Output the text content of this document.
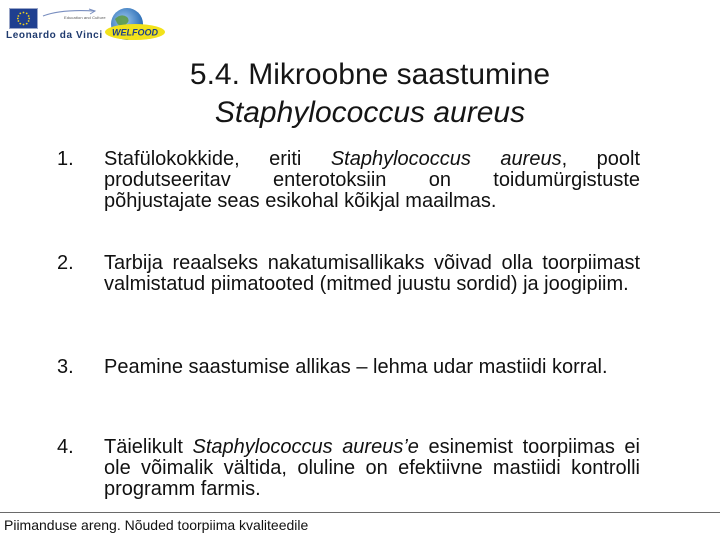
Education and Culture
Leonardo da Vinci WELFOOD
5.4. Mikroobne saastumine
Staphylococcus aureus
1. Stafülokokkide, eriti Staphylococcus aureus, poolt produtseeritav enterotoksiin on toidumürgistuste põhjustajate seas esikohal kõikjal maailmas.
2. Tarbija reaalseks nakatumisallikaks võivad olla toorpiimast valmistatud piimatooted (mitmed juustu sordid) ja joogipiim.
3. Peamine saastumise allikas – lehma udar mastiidi korral.
4. Täielikult Staphylococcus aureus’e esinemist toorpiimas ei ole võimalik vältida, oluline on efektiivne mastiidi kontrolli programm farmis.
Piimanduse areng. Nõuded toorpiima kvaliteedile
